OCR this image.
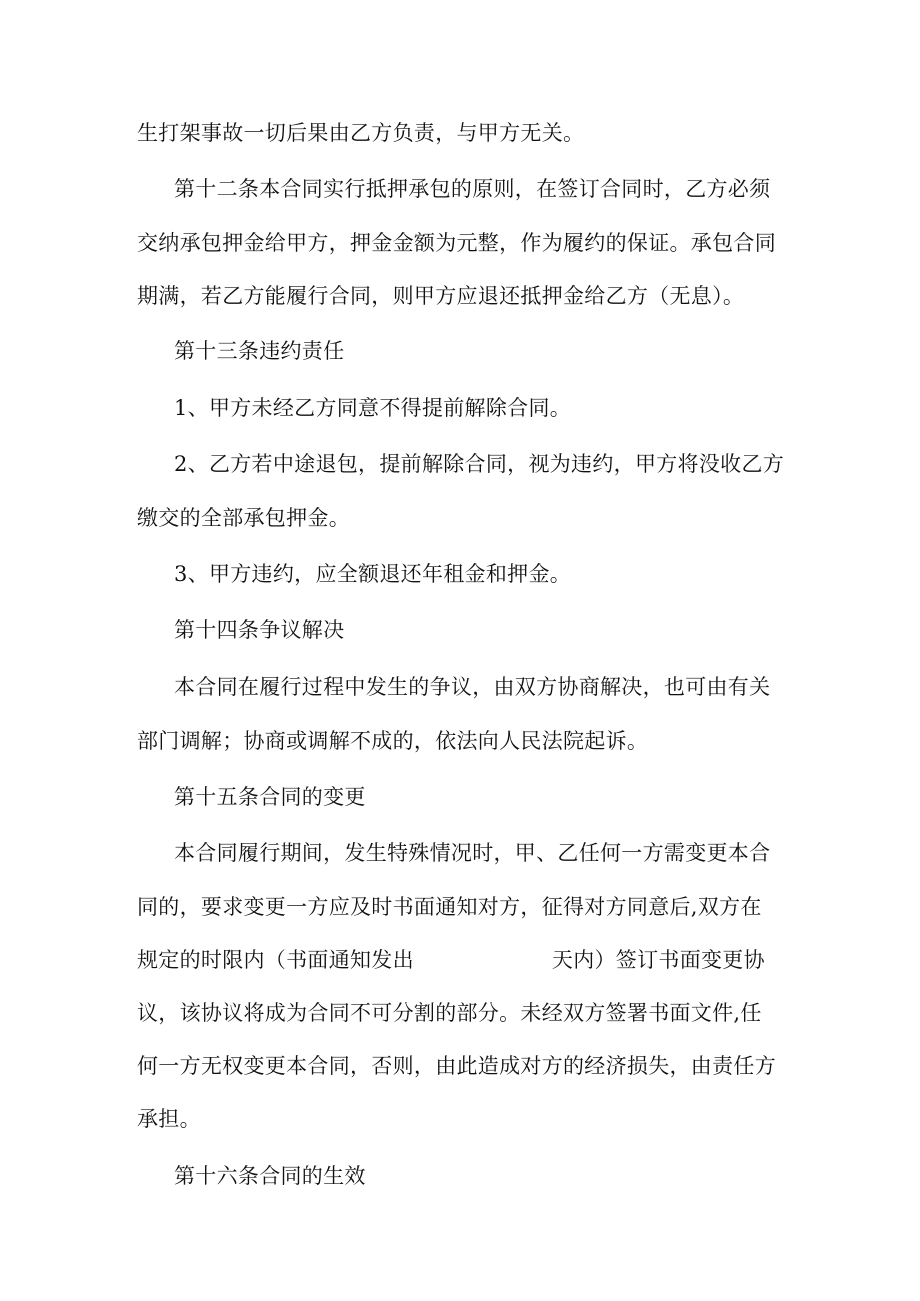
生打架事故一切后果由乙方负责，与甲方无关。
第十二条本合同实行抵押承包的原则，在签订合同时，乙方必须
交纳承包押金给甲方，押金金额为元整，作为履约的保证。承包合同
期满，若乙方能履行合同，则甲方应退还抵押金给乙方（无息）。
第十三条违约责任
1、甲方未经乙方同意不得提前解除合同。
2、乙方若中途退包，提前解除合同，视为违约，甲方将没收乙方
缴交的全部承包押金。
3、甲方违约，应全额退还年租金和押金。
第十四条争议解决
本合同在履行过程中发生的争议，由双方协商解决，也可由有关
部门调解；协商或调解不成的，依法向人民法院起诉。
第十五条合同的变更
本合同履行期间，发生特殊情况时，甲、乙任何一方需变更本合
同的，要求变更一方应及时书面通知对方，征得对方同意后,双方在
规定的时限内（书面通知发出	天内）签订书面变更协
议，该协议将成为合同不可分割的部分。未经双方签署书面文件,任
何一方无权变更本合同，否则，由此造成对方的经济损失，由责任方
承担。
第十六条合同的生效
